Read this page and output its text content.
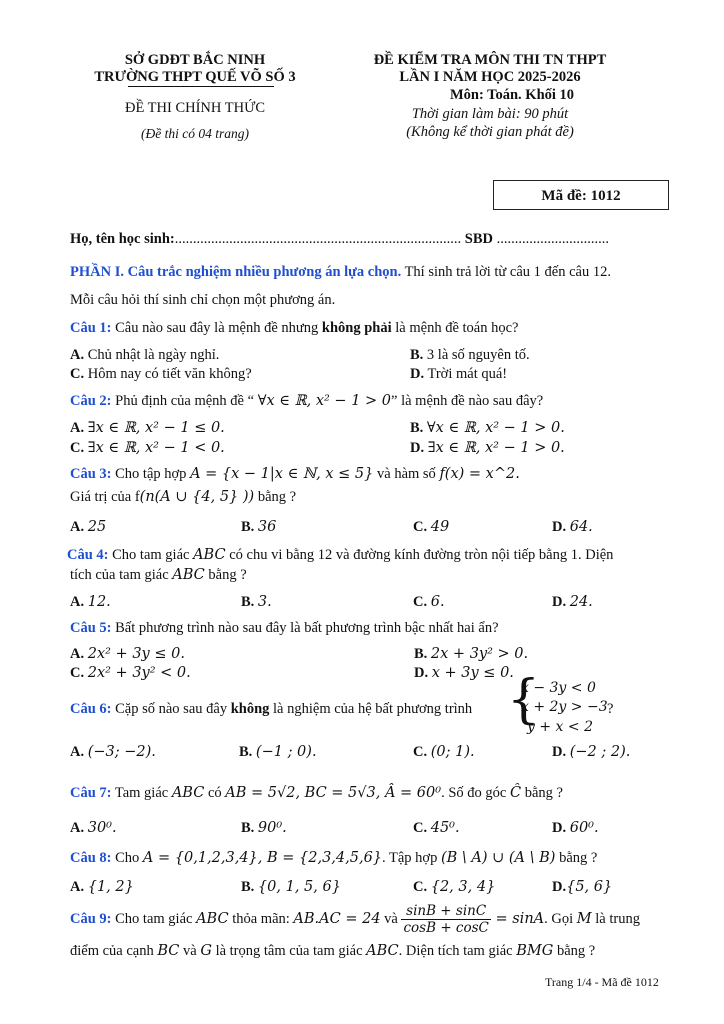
SỞ GDĐT BẮC NINH
TRƯỜNG THPT QUẾ VÕ SỐ 3
ĐỀ THI CHÍNH THỨC
(Đề thi có 04 trang)
ĐỀ KIỂM TRA MÔN THI TN THPT
LẦN I NĂM HỌC 2025-2026
Môn: Toán. Khối 10
Thời gian làm bài: 90 phút
(Không kể thời gian phát đề)
Mã đề: 1012
Họ, tên học sinh:............................................................................... SBD ...............................
PHẦN I. Câu trắc nghiệm nhiều phương án lựa chọn. Thí sinh trả lời từ câu 1 đến câu 12.
Mỗi câu hỏi thí sinh chỉ chọn một phương án.
Câu 1: Câu nào sau đây là mệnh đề nhưng không phải là mệnh đề toán học?
A. Chủ nhật là ngày nghỉ.	B. 3 là số nguyên tố.
C. Hôm nay có tiết văn không?	D. Trời mát quá!
Câu 2: Phủ định của mệnh đề “ ∀x ∈ ℝ, x² − 1 > 0” là mệnh đề nào sau đây?
A. ∃x ∈ ℝ, x² − 1 ≤ 0.	B. ∀x ∈ ℝ, x² − 1 > 0.
C. ∃x ∈ ℝ, x² − 1 < 0.	D. ∃x ∈ ℝ, x² − 1 > 0.
Câu 3: Cho tập hợp A = {x − 1|x ∈ ℕ, x ≤ 5} và hàm số f(x) = x^2.
Giá trị của f(n(A ∪ {4, 5} )) bằng ?
A. 25	B. 36	C. 49	D. 64.
Câu 4: Cho tam giác ABC có chu vi bằng 12 và đường kính đường tròn nội tiếp bằng 1. Diện
tích của tam giác ABC bằng ?
A. 12.	B. 3.	C. 6.	D. 24.
Câu 5: Bất phương trình nào sau đây là bất phương trình bậc nhất hai ẩn?
A. 2x² + 3y ≤ 0.	B. 2x + 3y² > 0.
C. 2x² + 3y² < 0.	D. x + 3y ≤ 0.
Câu 6: Cặp số nào sau đây không là nghiệm của hệ bất phương trình {
x − 3y < 0
x + 2y > −3
y + x < 2
?
A. (−3; −2).	B. (−1 ; 0).	C. (0; 1).	D. (−2 ; 2).
Câu 7: Tam giác ABC có AB = 5√2, BC = 5√3, Â = 60⁰. Số đo góc Ĉ bằng ?
A. 30⁰.	B. 90⁰.	C. 45⁰.	D. 60⁰.
Câu 8: Cho A = {0,1,2,3,4}, B = {2,3,4,5,6}. Tập hợp (B \ A) ∪ (A \ B) bằng ?
A. {1, 2}	B. {0, 1, 5, 6}	C. {2, 3, 4}	D.{5, 6}
Câu 9: Cho tam giác ABC thỏa mãn: AB.AC = 24 và $\frac{\sin B + \sin C}{\cos B + \cos C} = \sin A$. Gọi M là trung
điểm của cạnh BC và G là trọng tâm của tam giác ABC. Diện tích tam giác BMG bằng ?
Trang 1/4 - Mã đề 1012
